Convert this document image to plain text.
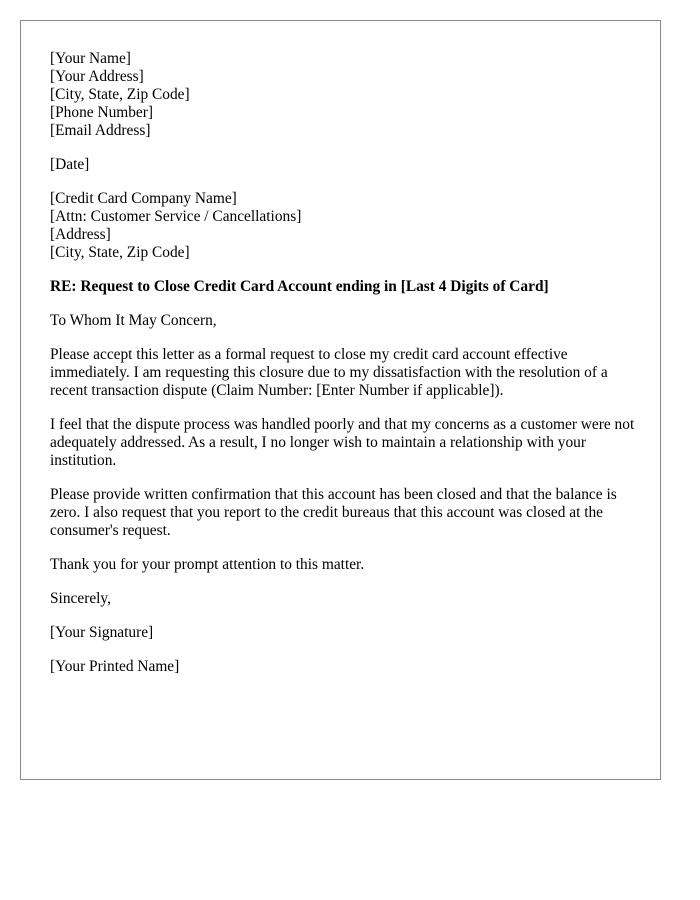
[Your Name]
[Your Address]
[City, State, Zip Code]
[Phone Number]
[Email Address]
[Date]
[Credit Card Company Name]
[Attn: Customer Service / Cancellations]
[Address]
[City, State, Zip Code]

RE: Request to Close Credit Card Account ending in [Last 4 Digits of Card]

To Whom It May Concern,

Please accept this letter as a formal request to close my credit card account effective immediately. I am requesting this closure due to my dissatisfaction with the resolution of a recent transaction dispute (Claim Number: [Enter Number if applicable]).

I feel that the dispute process was handled poorly and that my concerns as a customer were not adequately addressed. As a result, I no longer wish to maintain a relationship with your institution.

Please provide written confirmation that this account has been closed and that the balance is zero. I also request that you report to the credit bureaus that this account was closed at the consumer's request.

Thank you for your prompt attention to this matter.

Sincerely,

[Your Signature]

[Your Printed Name]
